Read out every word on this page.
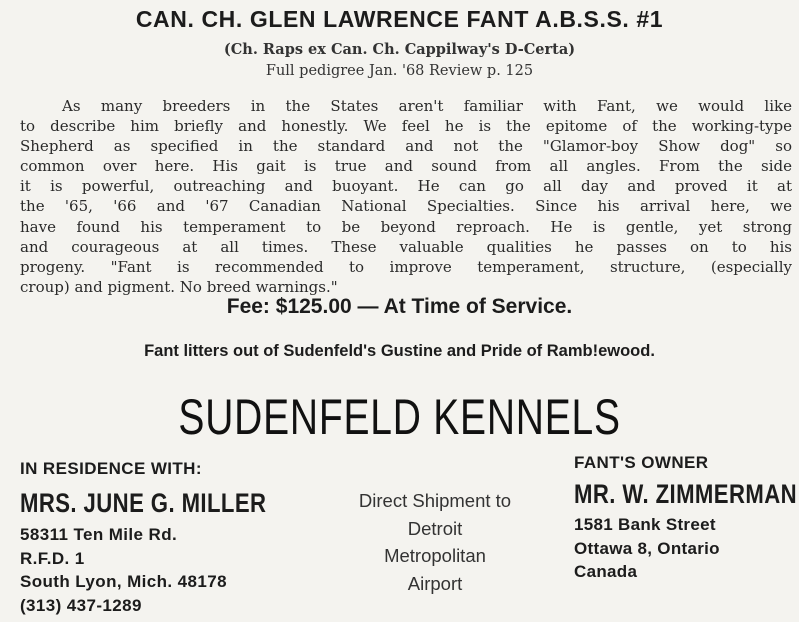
CAN. CH. GLEN LAWRENCE FANT A.B.S.S. #1
(Ch. Raps ex Can. Ch. Cappilway's D-Certa)
Full pedigree Jan. '68 Review p. 125
As many breeders in the States aren't familiar with Fant, we would like
to describe him briefly and honestly. We feel he is the epitome of the working-type
Shepherd as specified in the standard and not the "Glamor-boy Show dog" so
common over here. His gait is true and sound from all angles. From the side
it is powerful, outreaching and buoyant. He can go all day and proved it at
the '65, '66 and '67 Canadian National Specialties. Since his arrival here, we
have found his temperament to be beyond reproach. He is gentle, yet strong
and courageous at all times. These valuable qualities he passes on to his
progeny. "Fant is recommended to improve temperament, structure, (especially
croup) and pigment. No breed warnings."
Fee: $125.00 — At Time of Service.
Fant litters out of Sudenfeld's Gustine and Pride of Ramb!ewood.
SUDENFELD KENNELS
IN RESIDENCE WITH:
MRS. JUNE G. MILLER
58311 Ten Mile Rd.
R.F.D. 1
South Lyon, Mich. 48178
(313) 437-1289
Direct Shipment to
Detroit
Metropolitan
Airport
FANT'S OWNER
MR. W. ZIMMERMAN
1581 Bank Street
Ottawa 8, Ontario
Canada
